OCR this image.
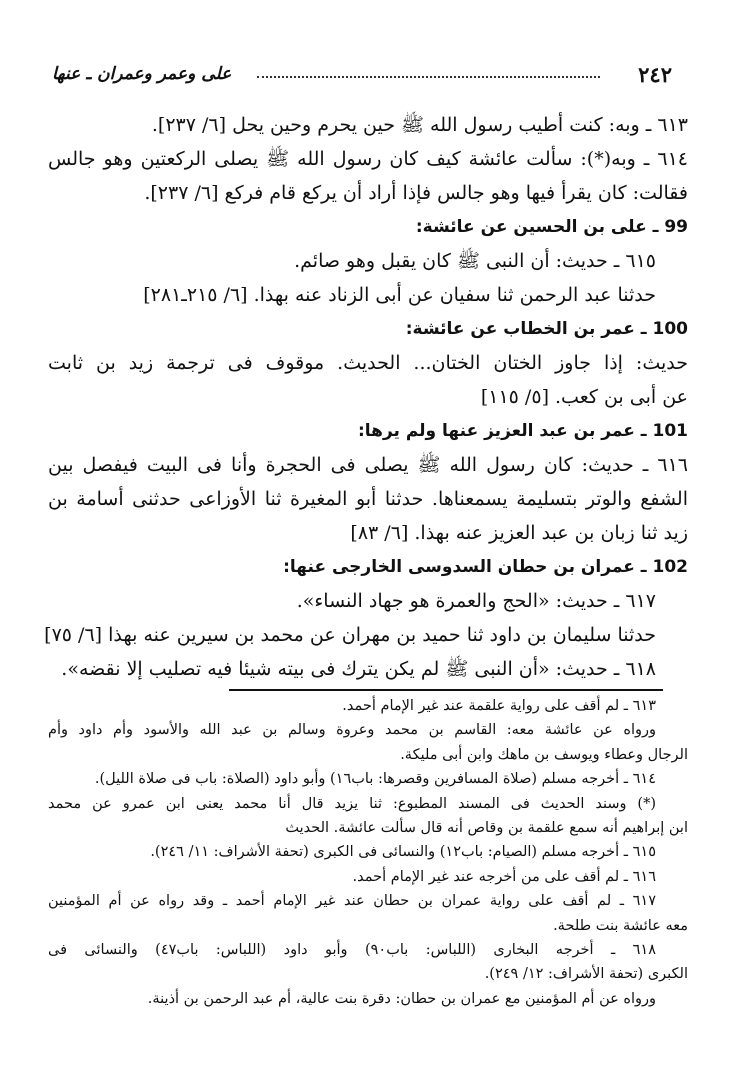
٢٤٢
على وعمر وعمران ـ عنها
٦١٣ ـ وبه: كنت أطيب رسول الله ﷺ حين يحرم وحين يحل [٦/ ٢٣٧].
٦١٤ ـ وبه(*): سألت عائشة كيف كان رسول الله ﷺ يصلى الركعتين وهو جالس
فقالت: كان يقرأ فيها وهو جالس فإذا أراد أن يركع قام فركع [٦/ ٢٣٧].
99 ـ على بن الحسين عن عائشة:
٦١٥ ـ حديث: أن النبى ﷺ كان يقبل وهو صائم.
حدثنا عبد الرحمن ثنا سفيان عن أبى الزناد عنه بهذا. [٦/ ٢١٥ـ٢٨١]
100 ـ عمر بن الخطاب عن عائشة:
حديث: إذا جاوز الختان الختان... الحديث. موقوف فى ترجمة زيد بن ثابت
عن أبى بن كعب. [٥/ ١١٥]
101 ـ عمر بن عبد العزيز عنها ولم يرها:
٦١٦ ـ حديث: كان رسول الله ﷺ يصلى فى الحجرة وأنا فى البيت فيفصل بين
الشفع والوتر بتسليمة يسمعناها. حدثنا أبو المغيرة ثنا الأوزاعى حدثنى أسامة بن
زيد ثنا زبان بن عبد العزيز عنه بهذا. [٦/ ٨٣]
102 ـ عمران بن حطان السدوسى الخارجى عنها:
٦١٧ ـ حديث: «الحج والعمرة هو جهاد النساء».
حدثنا سليمان بن داود ثنا حميد بن مهران عن محمد بن سيرين عنه بهذا [٦/ ٧٥]
٦١٨ ـ حديث: «أن النبى ﷺ لم يكن يترك فى بيته شيئا فيه تصليب إلا نقضه».
٦١٣ ـ لم أقف على رواية علقمة عند غير الإمام أحمد.
ورواه عن عائشة معه: القاسم بن محمد وعروة وسالم بن عبد الله والأسود وأم داود وأم
الرجال وعطاء ويوسف بن ماهك وابن أبى مليكة.
٦١٤ ـ أخرجه مسلم (صلاة المسافرين وقصرها: باب١٦) وأبو داود (الصلاة: باب فى صلاة الليل).
(*) وسند الحديث فى المسند المطبوع: ثنا يزيد قال أنا محمد يعنى ابن عمرو عن محمد
ابن إبراهيم أنه سمع علقمة بن وقاص أنه قال سألت عائشة. الحديث
٦١٥ ـ أخرجه مسلم (الصيام: باب١٢) والنسائى فى الكبرى (تحفة الأشراف: ١١/ ٢٤٦).
٦١٦ ـ لم أقف على من أخرجه عند غير الإمام أحمد.
٦١٧ ـ لم أقف على رواية عمران بن حطان عند غير الإمام أحمد ـ وقد رواه عن أم المؤمنين
معه عائشة بنت طلحة.
٦١٨ ـ أخرجه البخارى (اللباس: باب٩٠) وأبو داود (اللباس: باب٤٧) والنسائى فى
الكبرى (تحفة الأشراف: ١٢/ ٢٤٩).
ورواه عن أم المؤمنين مع عمران بن حطان: دقرة بنت عالية، أم عبد الرحمن بن أذينة.
